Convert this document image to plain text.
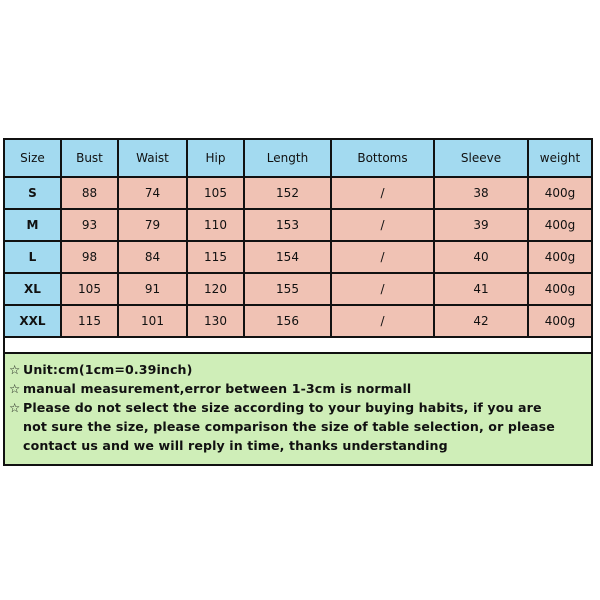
Size	Bust	Waist	Hip	Length	Bottoms	Sleeve	weight
S	88	74	105	152	/	38	400g
M	93	79	110	153	/	39	400g
L	98	84	115	154	/	40	400g
XL	105	91	120	155	/	41	400g
XXL	115	101	130	156	/	42	400g
☆ Unit:cm(1cm=0.39inch)
☆ manual measurement,error between 1-3cm is normall
☆ Please do not select the size according to your buying habits, if you are
not sure the size, please comparison the size of table selection, or please
contact us and we will reply in time, thanks understanding
